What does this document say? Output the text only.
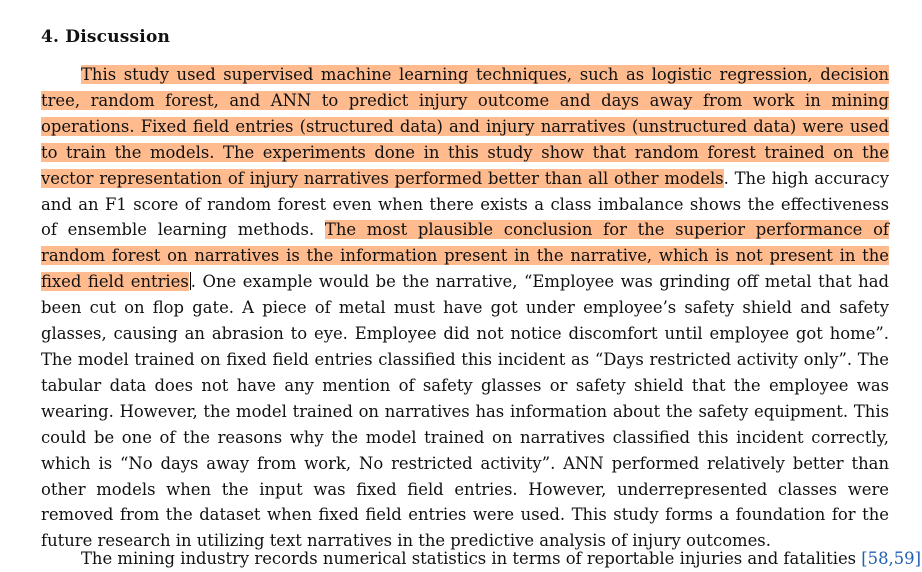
4. Discussion

This study used supervised machine learning techniques, such as logistic regression, decision tree, random forest, and ANN to predict injury outcome and days away from work in mining operations. Fixed field entries (structured data) and injury narratives (unstructured data) were used to train the models. The experiments done in this study show that random forest trained on the vector representation of injury narratives performed better than all other models. The high accuracy and an F1 score of random forest even when there exists a class imbalance shows the effectiveness of ensemble learning methods. The most plausible conclusion for the superior performance of random forest on narratives is the information present in the narrative, which is not present in the fixed field entries . One example would be the narrative, “Employee was grinding off metal that had been cut on flop gate. A piece of metal must have got under employee’s safety shield and safety glasses, causing an abrasion to eye. Employee did not notice discomfort until employee got home”. The model trained on fixed field entries classified this incident as “Days restricted activity only”. The tabular data does not have any mention of safety glasses or safety shield that the employee was wearing. However, the model trained on narratives has information about the safety equipment. This could be one of the reasons why the model trained on narratives classified this incident correctly, which is “No days away from work, No restricted activity”. ANN performed relatively better than other models when the input was fixed field entries. However, underrepresented classes were removed from the dataset when fixed field entries were used. This study forms a foundation for the future research in utilizing text narratives in the predictive analysis of injury outcomes.

The mining industry records numerical statistics in terms of reportable injuries and fatalities [58,59]
